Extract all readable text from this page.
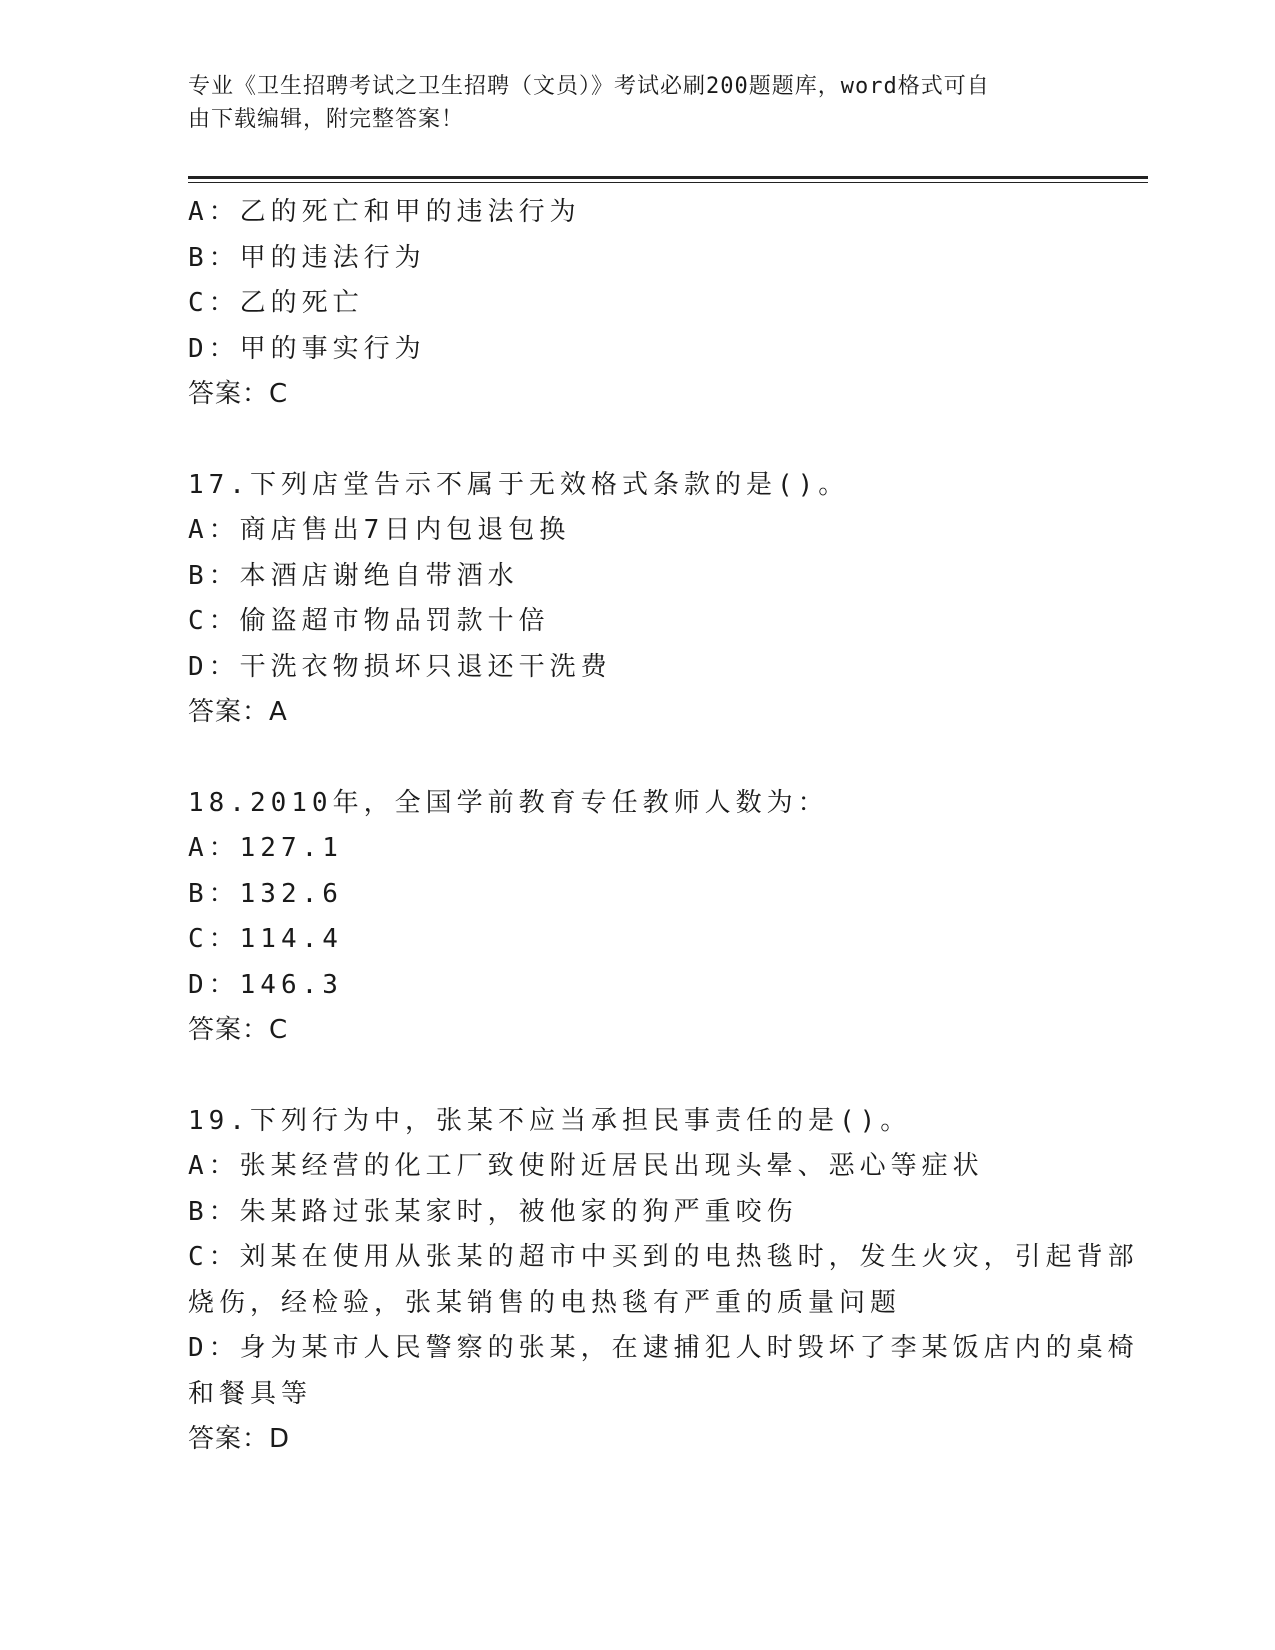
专业《卫生招聘考试之卫生招聘（文员）》考试必刷200题题库，word格式可自
由下载编辑，附完整答案！
A：乙的死亡和甲的违法行为
B：甲的违法行为
C：乙的死亡
D：甲的事实行为
答案：C
17.下列店堂告示不属于无效格式条款的是()。
A：商店售出7日内包退包换
B：本酒店谢绝自带酒水
C：偷盗超市物品罚款十倍
D：干洗衣物损坏只退还干洗费
答案：A
18.2010年，全国学前教育专任教师人数为：
A：127.1
B：132.6
C：114.4
D：146.3
答案：C
19.下列行为中，张某不应当承担民事责任的是()。
A：张某经营的化工厂致使附近居民出现头晕、恶心等症状
B：朱某路过张某家时，被他家的狗严重咬伤
C：刘某在使用从张某的超市中买到的电热毯时，发生火灾，引起背部
烧伤，经检验，张某销售的电热毯有严重的质量问题
D：身为某市人民警察的张某，在逮捕犯人时毁坏了李某饭店内的桌椅
和餐具等
答案：D
